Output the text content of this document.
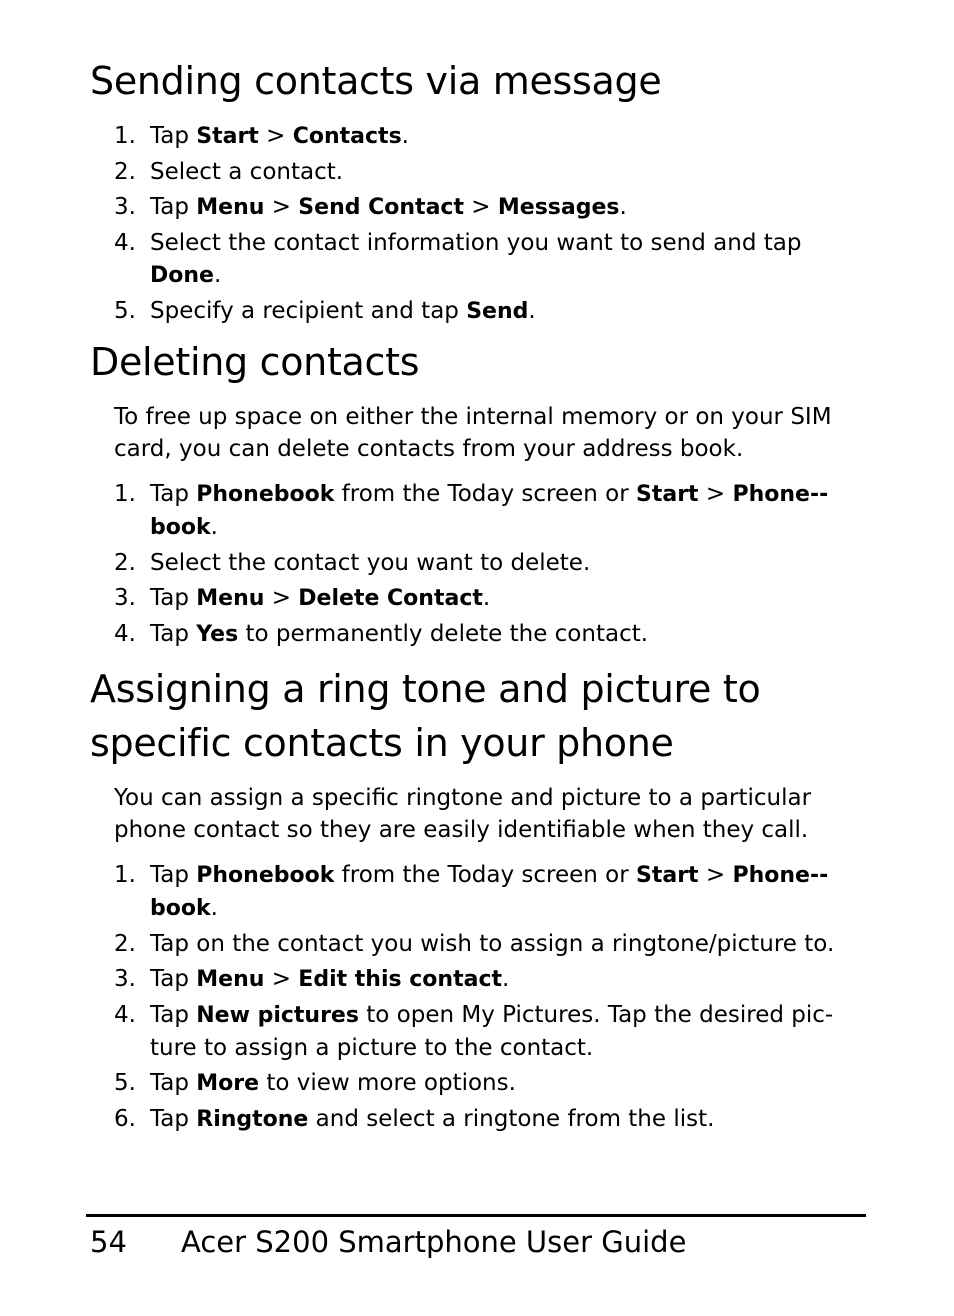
Sending contacts via message
1. Tap Start > Contacts.
2. Select a contact.
3. Tap Menu > Send Contact > Messages.
4. Select the contact information you want to send and tap Done.
5. Specify a recipient and tap Send.
Deleting contacts

To free up space on either the internal memory or on your SIM card, you can delete contacts from your address book.

1. Tap Phonebook from the Today screen or Start > Phone-book.
2. Select the contact you want to delete.
3. Tap Menu > Delete Contact.
4. Tap Yes to permanently delete the contact.
Assigning a ring tone and picture to specific contacts in your phone

You can assign a specific ringtone and picture to a particular phone contact so they are easily identifiable when they call.

1. Tap Phonebook from the Today screen or Start > Phone-book.
2. Tap on the contact you wish to assign a ringtone/picture to.
3. Tap Menu > Edit this contact.
4. Tap New pictures to open My Pictures. Tap the desired pic-ture to assign a picture to the contact.
5. Tap More to view more options.
6. Tap Ringtone and select a ringtone from the list.
54 Acer S200 Smartphone User Guide
